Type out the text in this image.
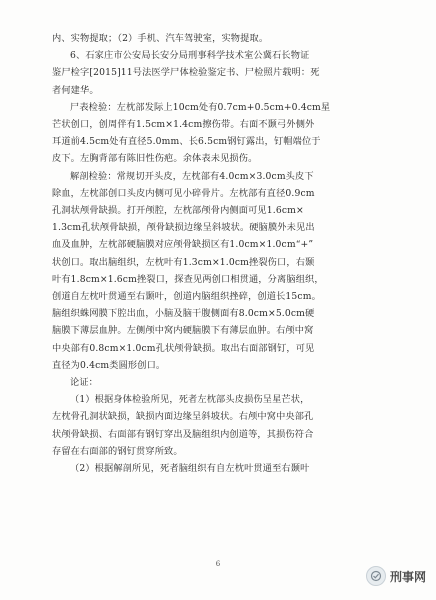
内、实物提取；（2）手机、汽车驾驶室，实物提取。
6、石家庄市公安局长安分局刑事科学技术室公冀石长物证
鉴尸检字[2015]11号法医学尸体检验鉴定书、尸检照片载明：死
者何建华。
尸表检验：左枕部发际上10cm处有0.7cm+0.5cm+0.4cm星
芒状创口，创周伴有1.5cm×1.4cm擦伤带。右面不颞弓外侧外
耳道前4.5cm处有直径5.0mm、长6.5cm钢钉露出，钉帽端位于
皮下。左胸背部有陈旧性伤疤。余体表未见损伤。
解剖检验：常规切开头皮，左枕部有4.0cm×3.0cm头皮下
除血，左枕部创口头皮内侧可见小碎骨片。左枕部有直径0.9cm
孔洞状颅骨缺损。打开颅腔，左枕部颅骨内侧面可见1.6cm×
1.3cm孔状颅骨缺损，颅骨缺损边缘呈斜坡状。硬脑膜外未见出
血及血肿，左枕部硬脑膜对应颅骨缺损区有1.0cm×1.0cm“+”
状创口。取出脑组织，左枕叶有1.3cm×1.0cm挫裂伤口，右颞
叶有1.8cm×1.6cm挫裂口，探查见两创口相贯通，分离脑组织，
创道自左枕叶贯通至右颞叶，创道内脑组织挫碎，创道长15cm。
脑组织蛛网膜下腔出血，小脑及脑干腹侧面有8.0cm×5.0cm硬
脑膜下薄层血肿。左侧颅中窝内硬脑膜下有薄层血肿。右颅中窝
中央部有0.8cm×1.0cm孔状颅骨缺损。取出右面部钢钉，可见
直径为0.4cm类圆形创口。
论证：
（1）根据身体检验所见，死者左枕部头皮损伤呈星芒状，
左枕骨孔洞状缺损，缺损内面边缘呈斜坡状。右颅中窝中央部孔
状颅骨缺损、右面部有钢钉穿出及脑组织内创道等，其损伤符合
存留在右面部的钢钉贯穿所致。
（2）根据解剖所见，死者脑组织有自左枕叶贯通至右颞叶
6
刑事网
